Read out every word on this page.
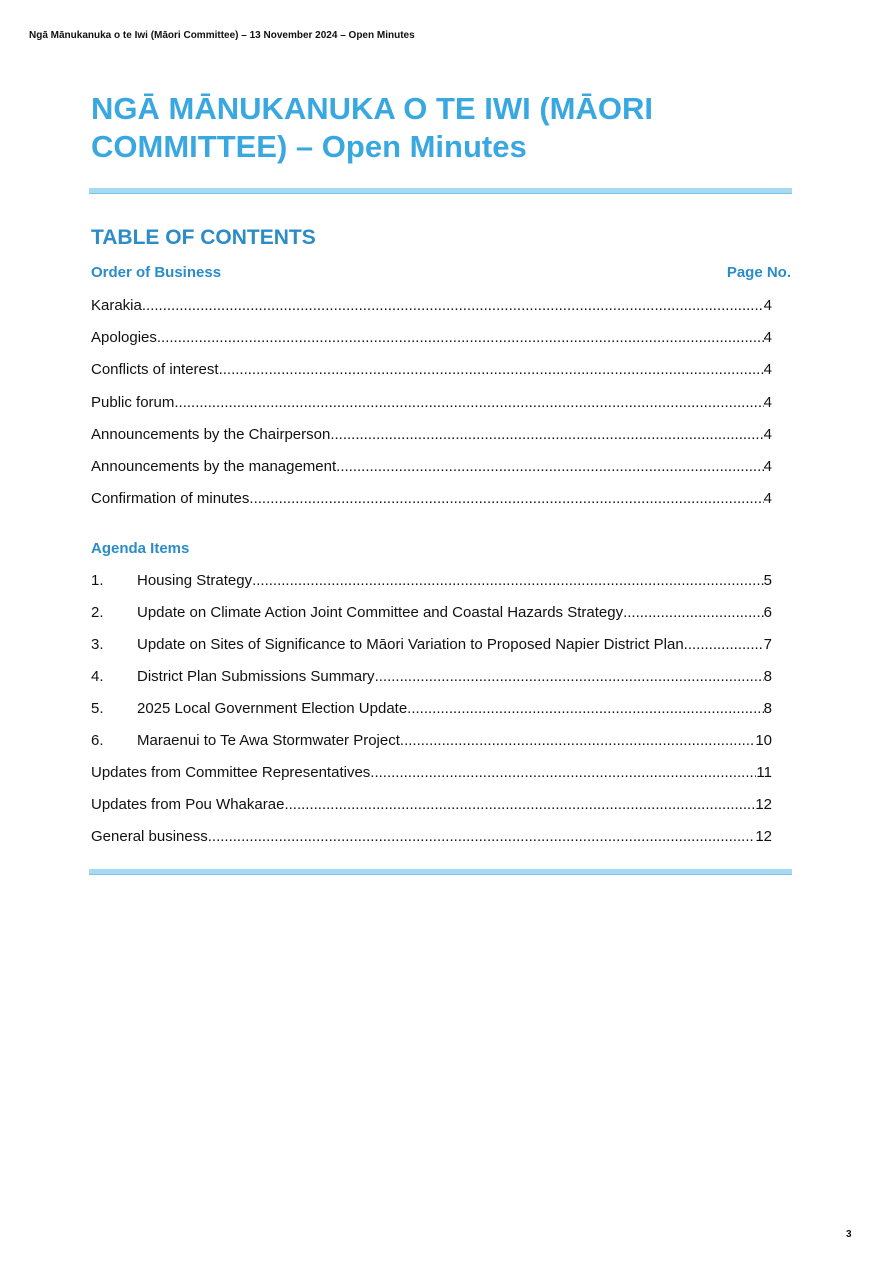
Ngā Mānukanuka o te Iwi (Māori Committee) – 13 November 2024 – Open Minutes
NGĀ MĀNUKANUKA O TE IWI (MĀORI COMMITTEE) – Open Minutes
TABLE OF CONTENTS
Order of Business	Page No.
Karakia .....	4
Apologies .....	4
Conflicts of interest .....	4
Public forum .....	4
Announcements by the Chairperson .....	4
Announcements by the management .....	4
Confirmation of minutes .....	4
Agenda Items
1.	Housing Strategy .....	5
2.	Update on Climate Action Joint Committee and Coastal Hazards Strategy .....	6
3.	Update on Sites of Significance to Māori Variation to Proposed Napier District Plan .....	7
4.	District Plan Submissions Summary .....	8
5.	2025 Local Government Election Update .....	8
6.	Maraenui to Te Awa Stormwater Project .....	10
Updates from Committee Representatives .....	11
Updates from Pou Whakarae .....	12
General business .....	12
3
